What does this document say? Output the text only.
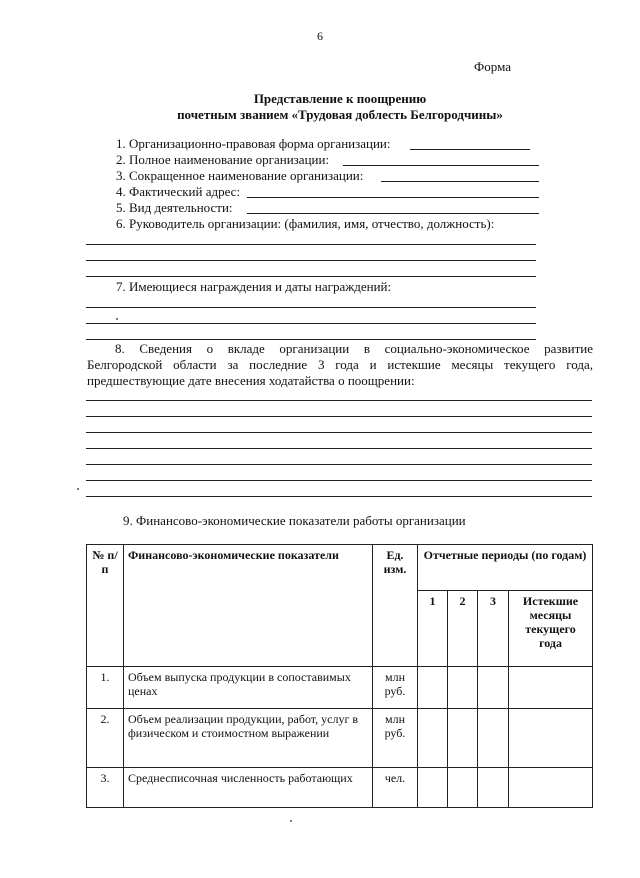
6
Форма
Представление к поощрению
почетным званием «Трудовая доблесть Белгородчины»
1. Организационно-правовая форма организации:
2. Полное наименование организации:
3. Сокращенное наименование организации:
4. Фактический адрес:
5. Вид деятельности:
6. Руководитель организации: (фамилия, имя, отчество, должность):
7. Имеющиеся награждения и даты награждений:
8. Сведения о вкладе организации в социально-экономическое развитие
Белгородской области за последние 3 года и истекшие месяцы текущего года,
предшествующие дате внесения ходатайства о поощрении:
9. Финансово-экономические показатели работы организации
№ п/п	Финансово-экономические показатели	Ед. изм.	Отчетные периоды (по годам)			
			1	2	3	Истекшие месяцы текущего года
1.	Объем выпуска продукции в сопоставимых ценах	млн руб.				
2.	Объем реализации продукции, работ, услуг в физическом и стоимостном выражении	млн руб.				
3.	Среднесписочная численность работающих	чел.				
